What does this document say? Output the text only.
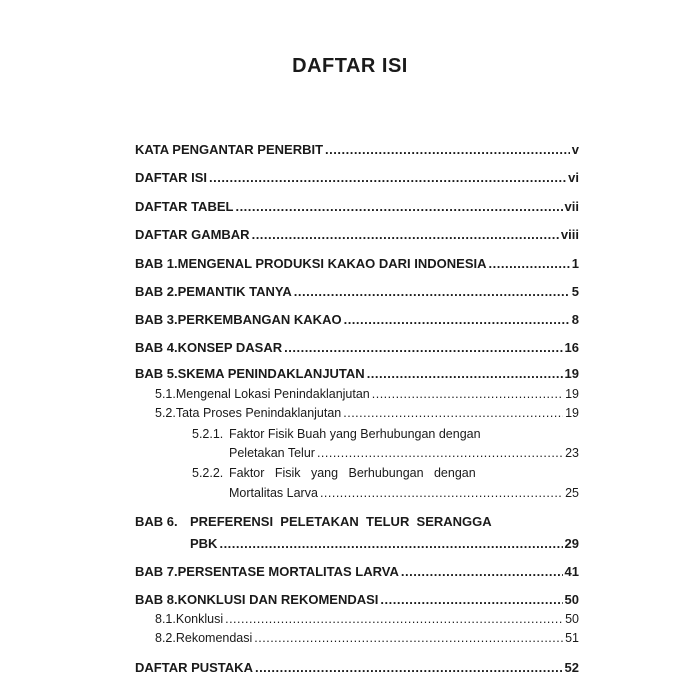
DAFTAR ISI
KATA PENGANTAR PENERBIT .....	v
DAFTAR ISI .....	vi
DAFTAR TABEL .....	vii
DAFTAR GAMBAR .....	viii
BAB 1. MENGENAL PRODUKSI KAKAO DARI INDONESIA .....	1
BAB 2. PEMANTIK TANYA .....	5
BAB 3. PERKEMBANGAN KAKAO .....	8
BAB 4. KONSEP DASAR .....	16
BAB 5. SKEMA PENINDAKLANJUTAN .....	19
5.1. Mengenal Lokasi Penindaklanjutan .....	19
5.2. Tata Proses Penindaklanjutan .....	19
5.2.1. Faktor Fisik Buah yang Berhubungan dengan
Peletakan Telur .....	23
5.2.2. Faktor   Fisik   yang   Berhubungan   dengan
Mortalitas Larva .....	25
BAB 6. PREFERENSI  PELETAKAN  TELUR  SERANGGA
PBK .....	29
BAB 7. PERSENTASE MORTALITAS LARVA .....	41
BAB 8. KONKLUSI DAN REKOMENDASI .....	50
8.1. Konklusi .....	50
8.2. Rekomendasi .....	51
DAFTAR PUSTAKA .....	52
